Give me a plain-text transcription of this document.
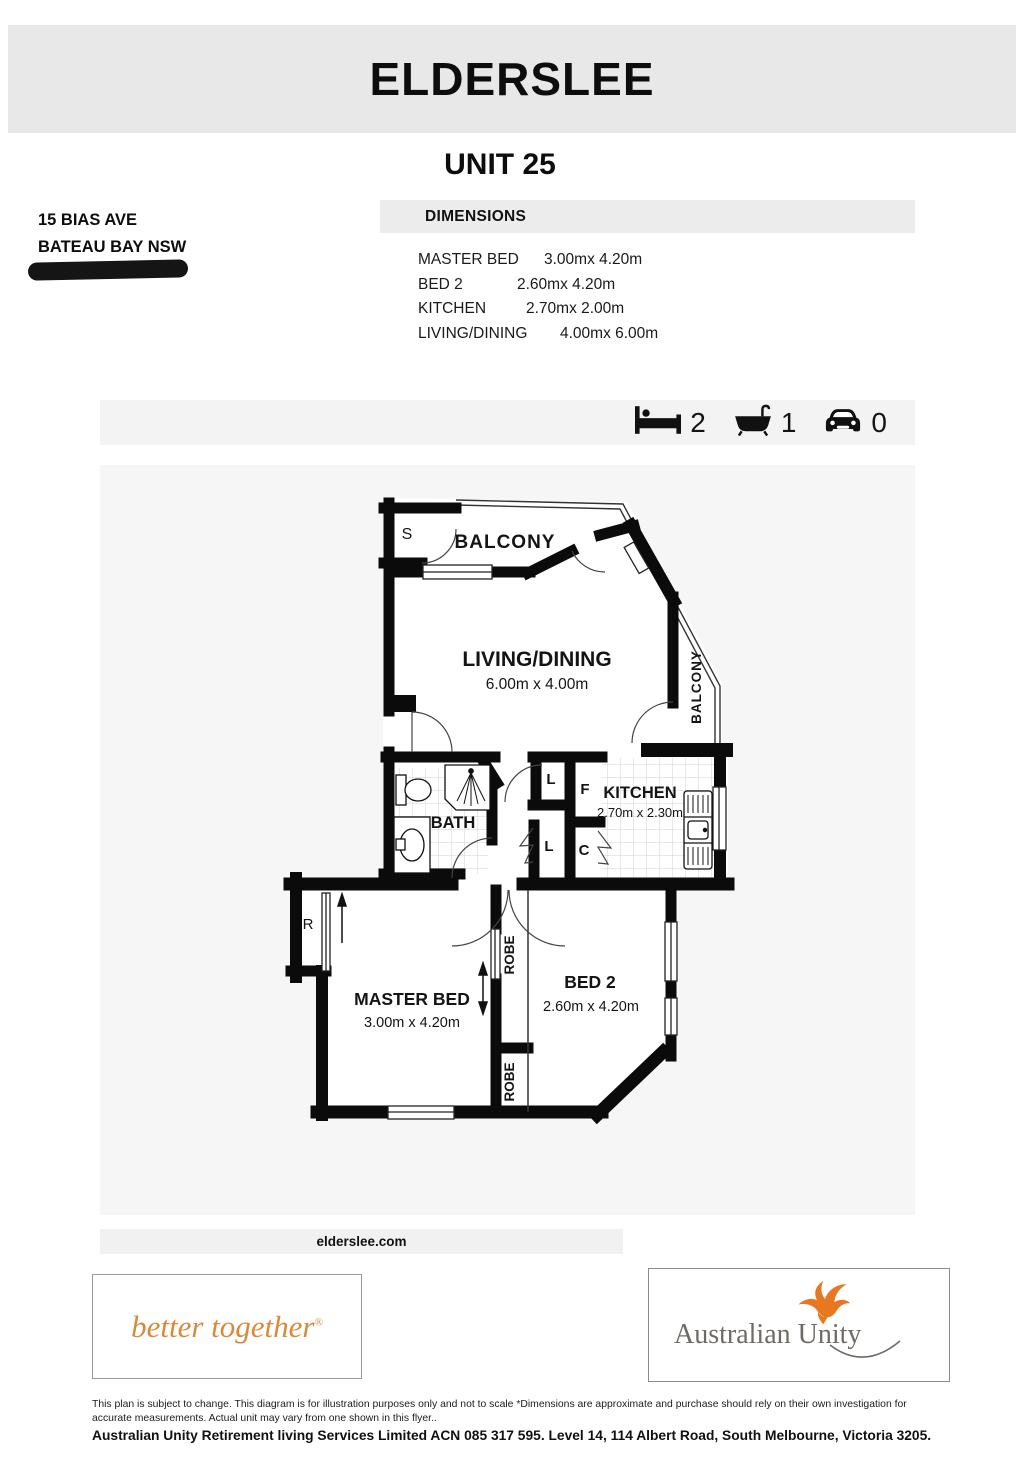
ELDERSLEE
UNIT 25
15 BIAS AVE
BATEAU BAY NSW
DIMENSIONS
MASTER BED	3.00mx 4.20m
BED 2	2.60mx 4.20m
KITCHEN	2.70mx 2.00m
LIVING/DINING	4.00mx 6.00m
2	1	0
BALCONY
S
LIVING/DINING
6.00m x 4.00m	BALCONY
BATH
KITCHEN
2.70m x 2.30m
L
F
L C
R
MASTER BED
3.00m x 4.20m
BED 2
2.60m x 4.20m
ROBE
ROBE
elderslee.com
better together®	Australian Unity
This plan is subject to change. This diagram is for illustration purposes only and not to scale *Dimensions are approximate and purchase should rely on their own investigation for accurate measurements. Actual unit may vary from one shown in this flyer..
Australian Unity Retirement living Services Limited ACN 085 317 595. Level 14, 114 Albert Road, South Melbourne, Victoria 3205.
